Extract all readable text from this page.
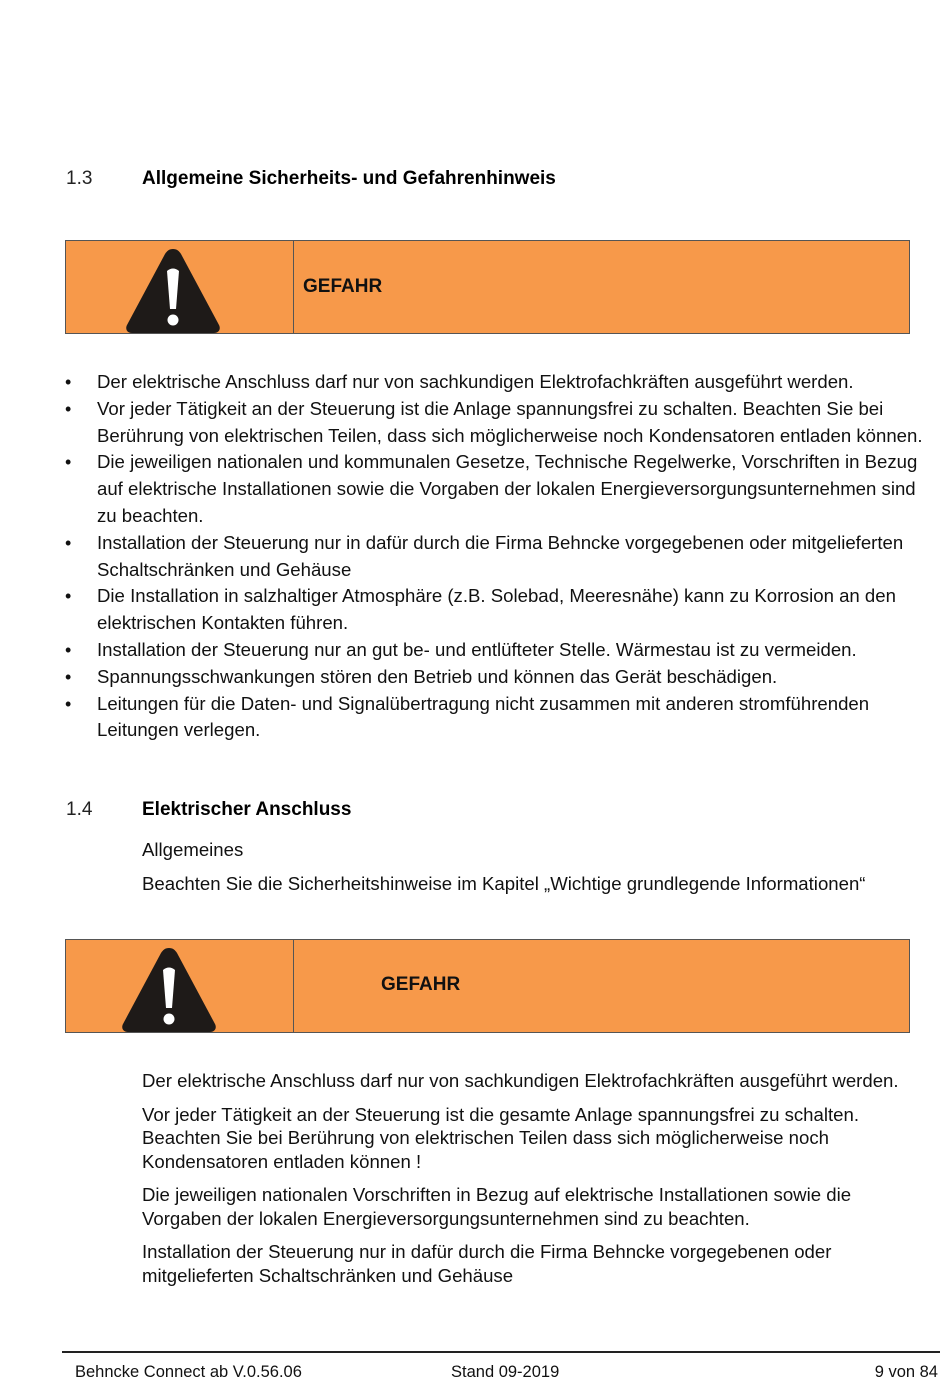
1.3	Allgemeine Sicherheits- und Gefahrenhinweis
GEFAHR
• Der elektrische Anschluss darf nur von sachkundigen Elektrofachkräften ausgeführt werden.
• Vor jeder Tätigkeit an der Steuerung ist die Anlage spannungsfrei zu schalten. Beachten Sie bei Berührung von elektrischen Teilen, dass sich möglicherweise noch Kondensatoren entladen können.
• Die jeweiligen nationalen und kommunalen Gesetze, Technische Regelwerke, Vorschriften in Bezug auf elektrische Installationen sowie die Vorgaben der lokalen Energieversorgungsunternehmen sind zu beachten.
• Installation der Steuerung nur in dafür durch die Firma Behncke vorgegebenen oder mitgelieferten Schaltschränken und Gehäuse
• Die Installation in salzhaltiger Atmosphäre (z.B. Solebad, Meeresnähe) kann zu Korrosion an den elektrischen Kontakten führen.
• Installation der Steuerung nur an gut be- und entlüfteter Stelle. Wärmestau ist zu vermeiden.
• Spannungsschwankungen stören den Betrieb und können das Gerät beschädigen.
• Leitungen für die Daten- und Signalübertragung nicht zusammen mit anderen stromführenden Leitungen verlegen.
1.4	Elektrischer Anschluss
Allgemeines
Beachten Sie die Sicherheitshinweise im Kapitel „Wichtige grundlegende Informationen“
GEFAHR

Der elektrische Anschluss darf nur von sachkundigen Elektrofachkräften ausgeführt werden.

Vor jeder Tätigkeit an der Steuerung ist die gesamte Anlage spannungsfrei zu schalten. Beachten Sie bei Berührung von elektrischen Teilen dass sich möglicherweise noch Kondensatoren entladen können !

Die jeweiligen nationalen Vorschriften in Bezug auf elektrische Installationen sowie die Vorgaben der lokalen Energieversorgungsunternehmen sind zu beachten.

Installation der Steuerung nur in dafür durch die Firma Behncke vorgegebenen oder mitgelieferten Schaltschränken und Gehäuse

Behncke Connect ab V.0.56.06	Stand 09-2019	9 von 84
